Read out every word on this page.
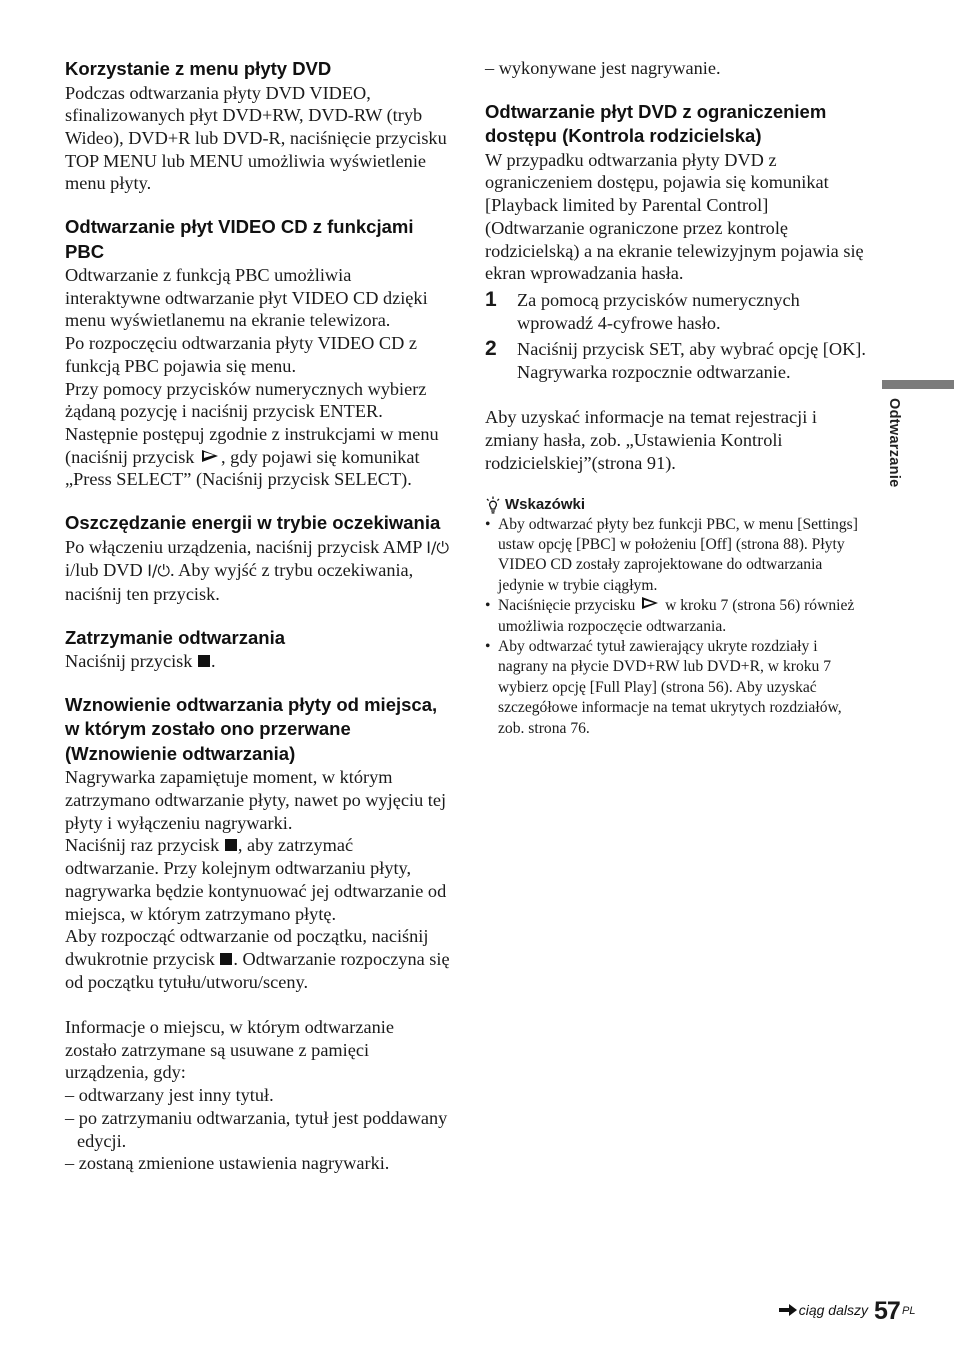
Korzystanie z menu płyty DVD

Podczas odtwarzania płyty DVD VIDEO, sfinalizowanych płyt DVD+RW, DVD-RW (tryb Wideo), DVD+R lub DVD-R, naciśnięcie przycisku TOP MENU lub MENU umożliwia wyświetlenie menu płyty.

Odtwarzanie płyt VIDEO CD z funkcjami PBC

Odtwarzanie z funkcją PBC umożliwia interaktywne odtwarzanie płyt VIDEO CD dzięki menu wyświetlanemu na ekranie telewizora.

Po rozpoczęciu odtwarzania płyty VIDEO CD z funkcją PBC pojawia się menu.

Przy pomocy przycisków numerycznych wybierz żądaną pozycję i naciśnij przycisk ENTER. Następnie postępuj zgodnie z instrukcjami w menu (naciśnij przycisk , gdy pojawi się komunikat „Press SELECT” (Naciśnij przycisk SELECT).

Oszczędzanie energii w trybie oczekiwania

Po włączeniu urządzenia, naciśnij przycisk AMP I/⏻ i/lub DVD I/⏻. Aby wyjść z trybu oczekiwania, naciśnij ten przycisk.

Zatrzymanie odtwarzania

Naciśnij przycisk .

Wznowienie odtwarzania płyty od miejsca, w którym zostało ono przerwane (Wznowienie odtwarzania)

Nagrywarka zapamiętuje moment, w którym zatrzymano odtwarzanie płyty, nawet po wyjęciu tej płyty i wyłączeniu nagrywarki.

Naciśnij raz przycisk , aby zatrzymać odtwarzanie. Przy kolejnym odtwarzaniu płyty, nagrywarka będzie kontynuować jej odtwarzanie od miejsca, w którym zatrzymano płytę.

Aby rozpocząć odtwarzanie od początku, naciśnij dwukrotnie przycisk . Odtwarzanie rozpoczyna się od początku tytułu/utworu/sceny.

Informacje o miejscu, w którym odtwarzanie zostało zatrzymane są usuwane z pamięci urządzenia, gdy:

– odtwarzany jest inny tytuł.

– po zatrzymaniu odtwarzania, tytuł jest poddawany edycji.

– zostaną zmienione ustawienia nagrywarki.

– wykonywane jest nagrywanie.

Odtwarzanie płyt DVD z ograniczeniem dostępu (Kontrola rodzicielska)

W przypadku odtwarzania płyty DVD z ograniczeniem dostępu, pojawia się komunikat [Playback limited by Parental Control] (Odtwarzanie ograniczone przez kontrolę rodzicielską) a na ekranie telewizyjnym pojawia się ekran wprowadzania hasła.

1	Za pomocą przycisków numerycznych wprowadź 4-cyfrowe hasło.

2	Naciśnij przycisk SET, aby wybrać opcję [OK].

Nagrywarka rozpocznie odtwarzanie.

Aby uzyskać informacje na temat rejestracji i zmiany hasła, zob. „Ustawienia Kontroli rodzicielskiej”(strona 91).

Wskazówki
• Aby odtwarzać płyty bez funkcji PBC, w menu [Settings] ustaw opcję [PBC] w położeniu [Off] (strona 88). Płyty VIDEO CD zostały zaprojektowane do odtwarzania jedynie w trybie ciągłym.
• Naciśnięcie przycisku w kroku 7 (strona 56) również umożliwia rozpoczęcie odtwarzania.
• Aby odtwarzać tytuł zawierający ukryte rozdziały i nagrany na płycie DVD+RW lub DVD+R, w kroku 7 wybierz opcję [Full Play] (strona 56). Aby uzyskać szczegółowe informacje na temat ukrytych rozdziałów, zob. strona 76.
Odtwarzanie
ciąg dalszy 57 PL
